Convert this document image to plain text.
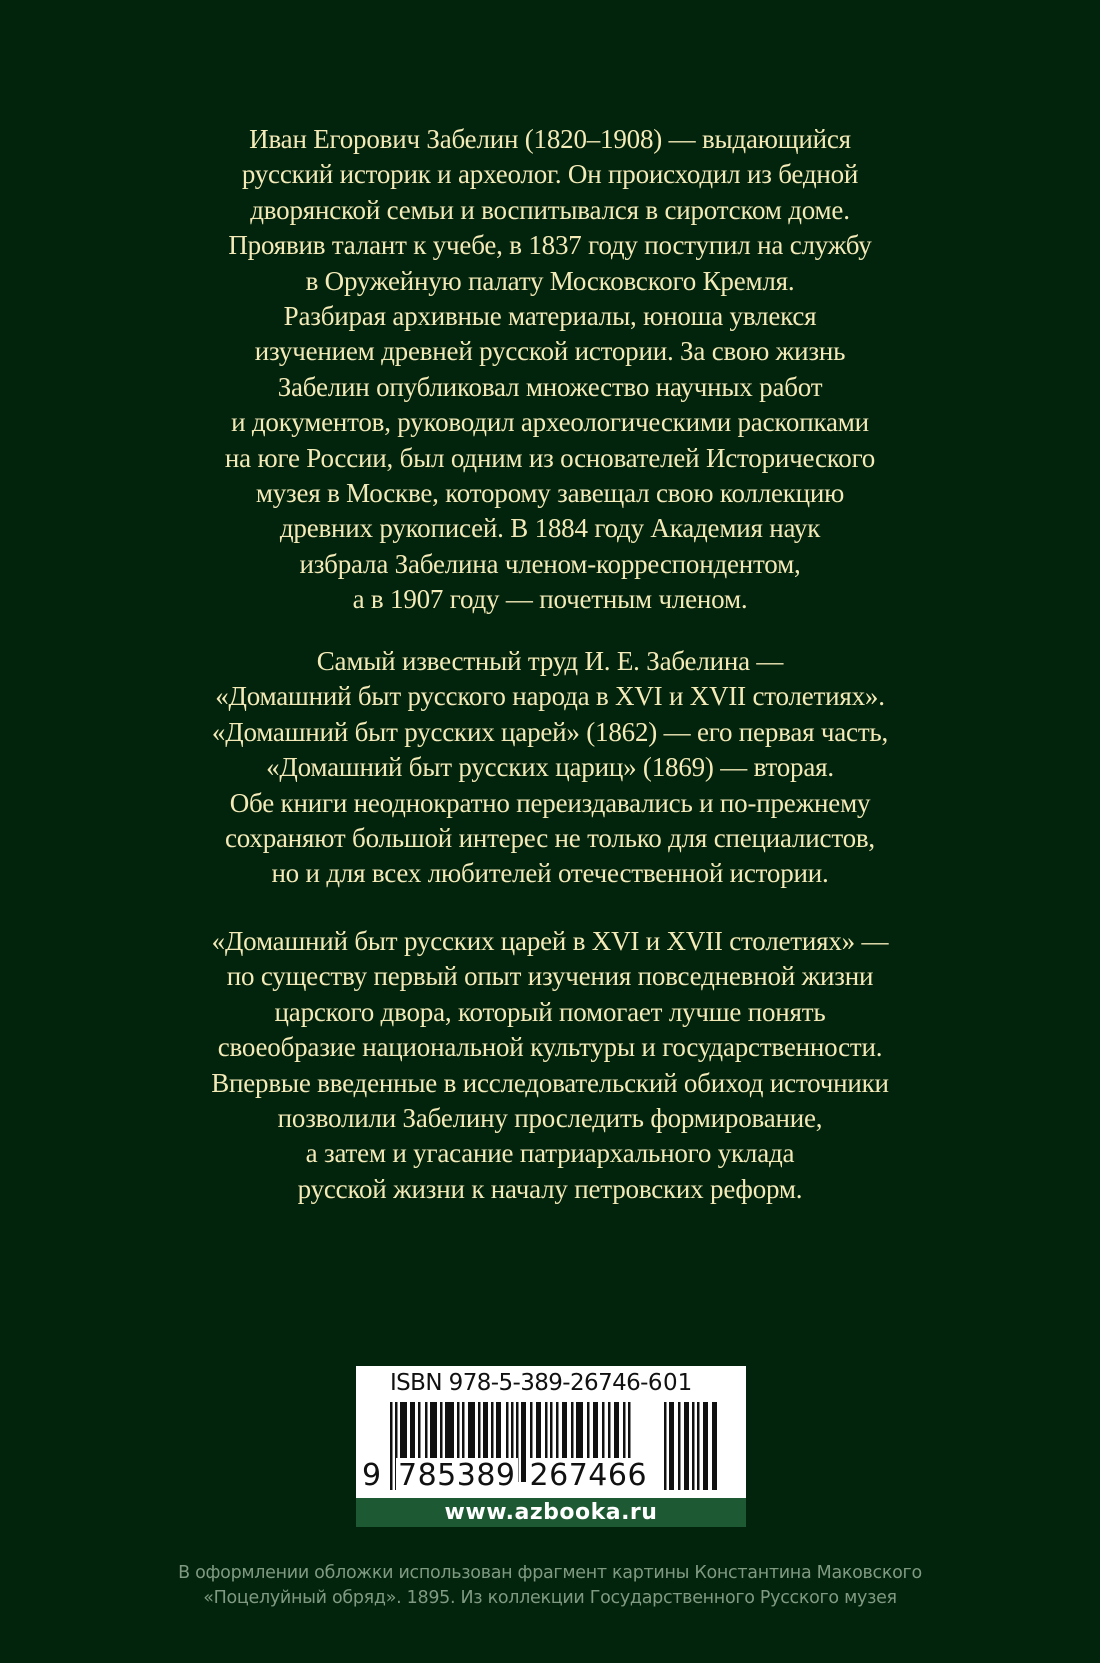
Иван Егорович Забелин (1820–1908) — выдающийся
русский историк и археолог. Он происходил из бедной
дворянской семьи и воспитывался в сиротском доме.
Проявив талант к учебе, в 1837 году поступил на службу
в Оружейную палату Московского Кремля.
Разбирая архивные материалы, юноша увлекся
изучением древней русской истории. За свою жизнь
Забелин опубликовал множество научных работ
и документов, руководил археологическими раскопками
на юге России, был одним из основателей Исторического
музея в Москве, которому завещал свою коллекцию
древних рукописей. В 1884 году Академия наук
избрала Забелина членом-корреспондентом,
а в 1907 году — почетным членом.
Самый известный труд И. Е. Забелина —
«Домашний быт русского народа в XVI и XVII столетиях».
«Домашний быт русских царей» (1862) — его первая часть,
«Домашний быт русских цариц» (1869) — вторая.
Обе книги неоднократно переиздавались и по-прежнему
сохраняют большой интерес не только для специалистов,
но и для всех любителей отечественной истории.
«Домашний быт русских царей в XVI и XVII столетиях» —
по существу первый опыт изучения повседневной жизни
царского двора, который помогает лучше понять
своеобразие национальной культуры и государственности.
Впервые введенные в исследовательский обиход источники
позволили Забелину проследить формирование,
а затем и угасание патриархального уклада
русской жизни к началу петровских реформ.
ISBN 978-5-389-26746-6 01
9 785389 267466
www.azbooka.ru
В оформлении обложки использован фрагмент картины Константина Маковского
«Поцелуйный обряд». 1895. Из коллекции Государственного Русского музея
